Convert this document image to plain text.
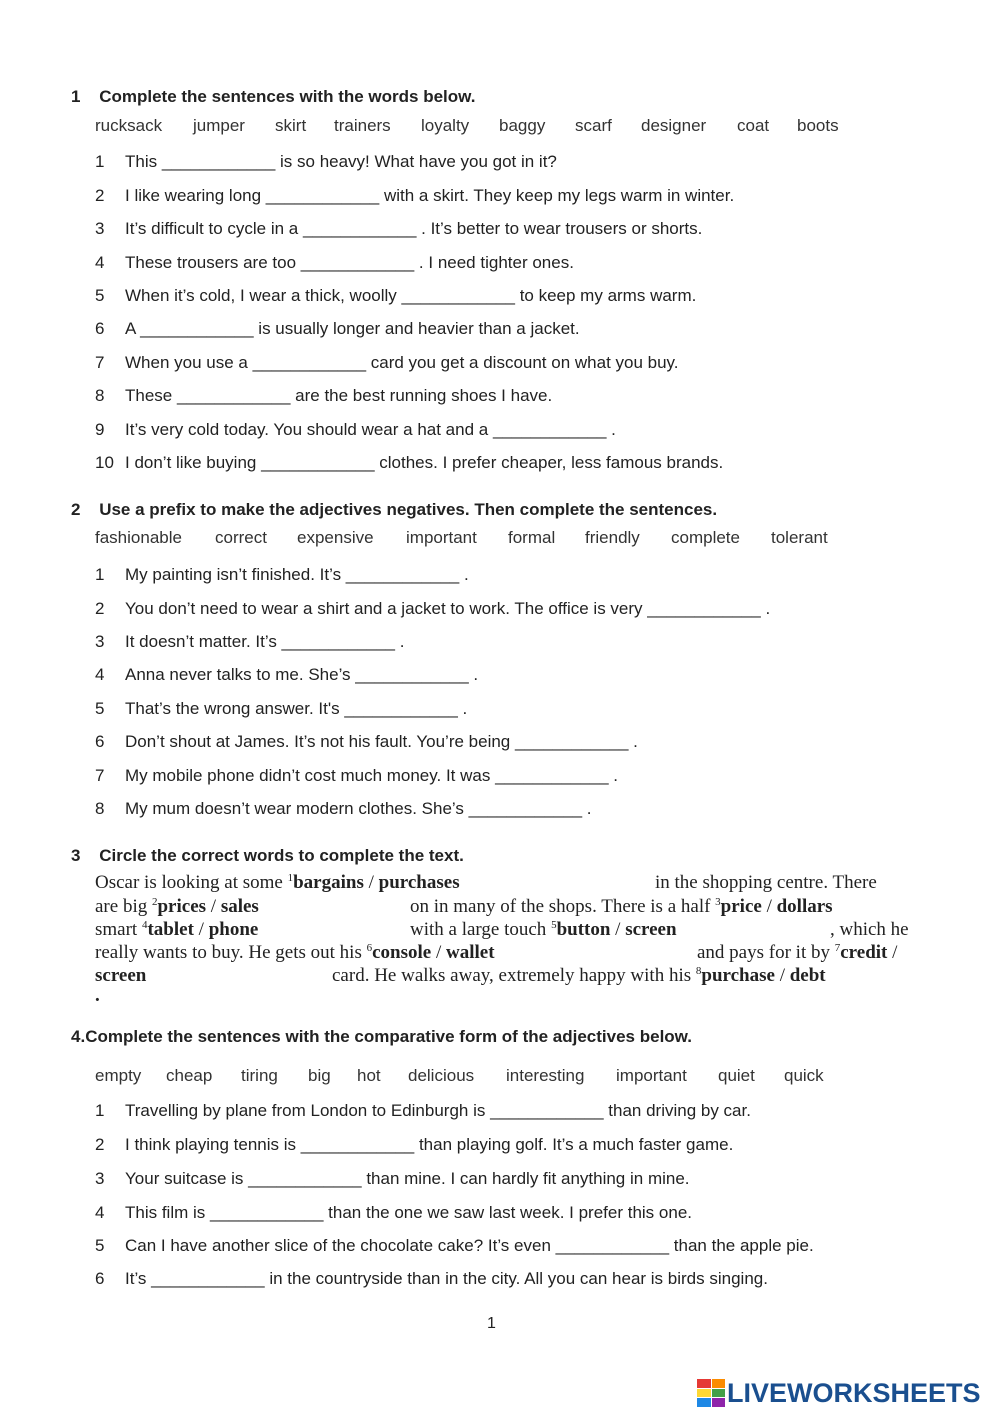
1 Complete the sentences with the words below.
rucksack jumper skirt trainers loyalty baggy scarf designer coat boots
1 This ____________ is so heavy! What have you got in it?
2 I like wearing long ____________ with a skirt. They keep my legs warm in winter.
3 It’s difficult to cycle in a ____________ . It’s better to wear trousers or shorts.
4 These trousers are too ____________ . I need tighter ones.
5 When it’s cold, I wear a thick, woolly ____________ to keep my arms warm.
6 A ____________ is usually longer and heavier than a jacket.
7 When you use a ____________ card you get a discount on what you buy.
8 These ____________ are the best running shoes I have.
9 It’s very cold today. You should wear a hat and a ____________ .
10 I don’t like buying ____________ clothes. I prefer cheaper, less famous brands.
2 Use a prefix to make the adjectives negatives. Then complete the sentences.
fashionable correct expensive important formal friendly complete tolerant
1 My painting isn’t finished. It’s ____________ .
2 You don’t need to wear a shirt and a jacket to work. The office is very ____________ .
3 It doesn’t matter. It’s ____________ .
4 Anna never talks to me. She’s ____________ .
5 That’s the wrong answer. It's ____________ .
6 Don’t shout at James. It’s not his fault. You’re being ____________ .
7 My mobile phone didn’t cost much money. It was ____________ .
8 My mum doesn’t wear modern clothes. She’s ____________ .
3 Circle the correct words to complete the text.
Oscar is looking at some $^1$bargains / purchases	in the shopping centre. There
are big $^2$prices / sales	on in many of the shops. There is a half $^3$price / dollars
smart $^4$tablet / phone	with a large touch $^5$button / screen	, which he
really wants to buy. He gets out his $^6$console / wallet	and pays for it by $^7$credit /
screen	card. He walks away, extremely happy with his $^8$purchase / debt
.
4.Complete the sentences with the comparative form of the adjectives below.
empty cheap tiring big hot delicious interesting important quiet quick
1 Travelling by plane from London to Edinburgh is ____________ than driving by car.
2 I think playing tennis is ____________ than playing golf. It’s a much faster game.
3 Your suitcase is ____________ than mine. I can hardly fit anything in mine.
4 This film is ____________ than the one we saw last week. I prefer this one.
5 Can I have another slice of the chocolate cake? It’s even ____________ than the apple pie.
6 It’s ____________ in the countryside than in the city. All you can hear is birds singing.
1
LIVEWORKSHEETS
